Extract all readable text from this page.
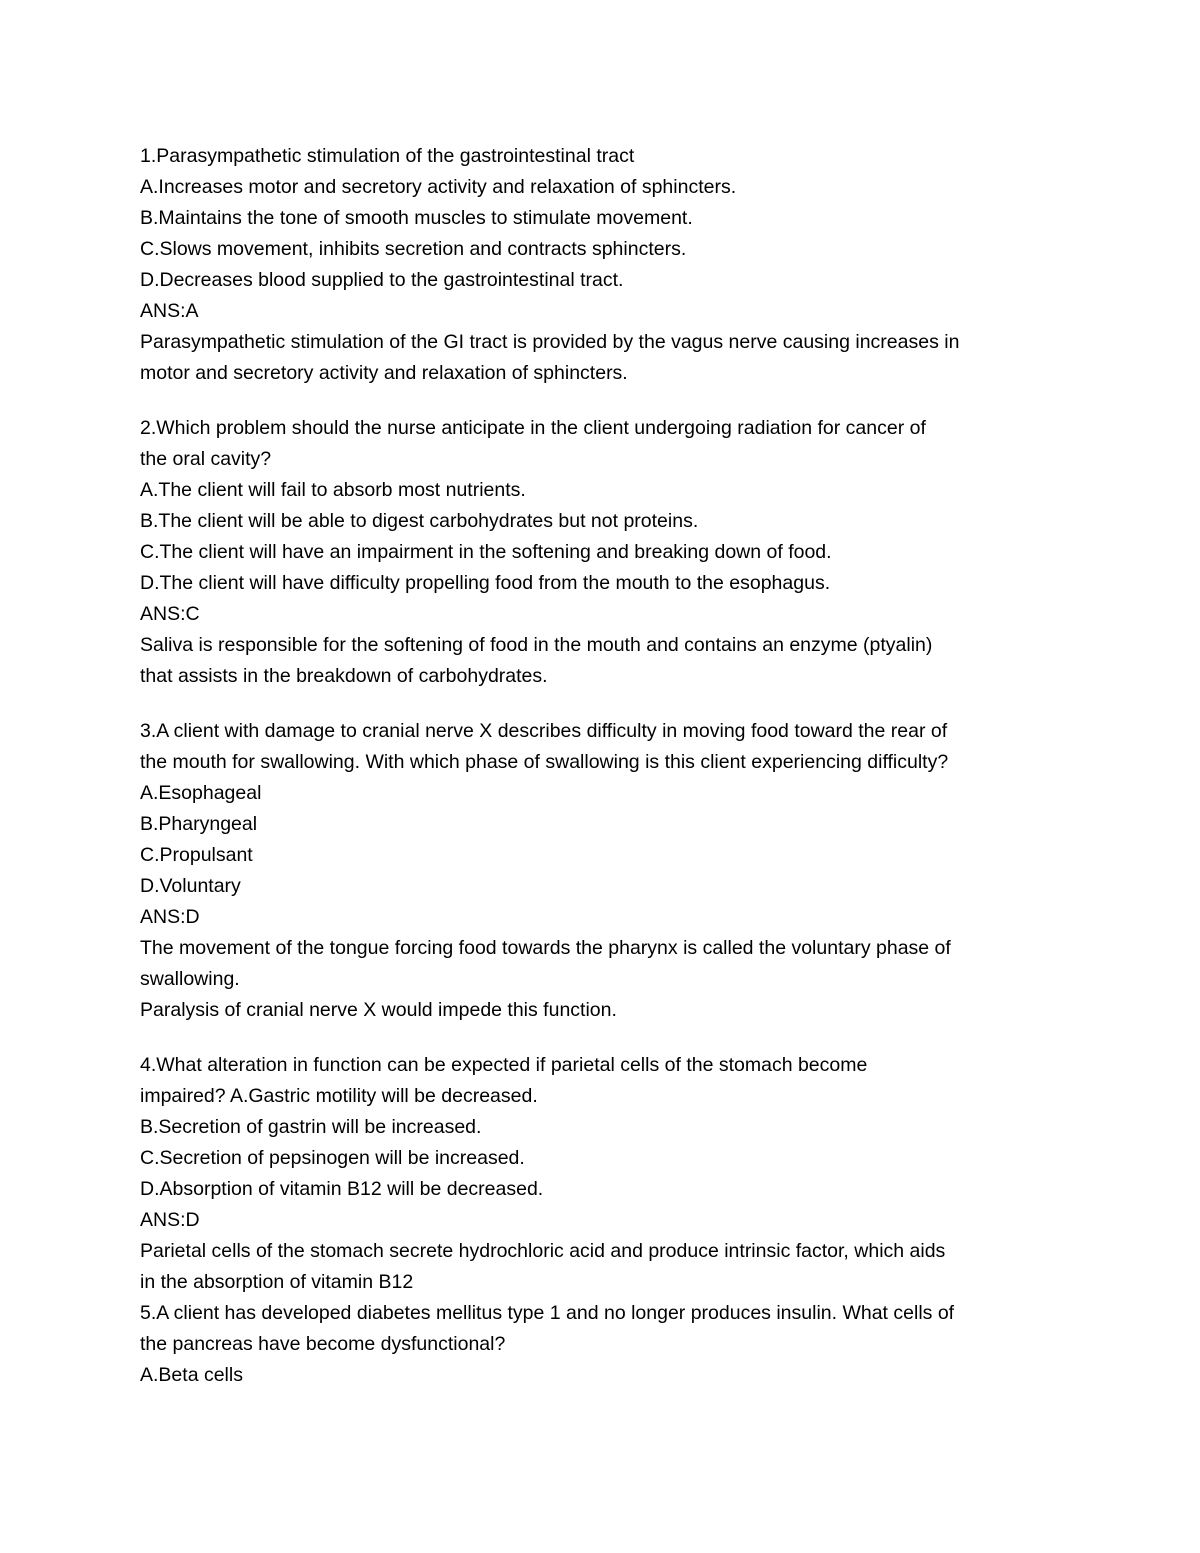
1.Parasympathetic stimulation of the gastrointestinal tract
A.Increases motor and secretory activity and relaxation of sphincters.
B.Maintains the tone of smooth muscles to stimulate movement.
C.Slows movement, inhibits secretion and contracts sphincters.
D.Decreases blood supplied to the gastrointestinal tract.
ANS:A
Parasympathetic stimulation of the GI tract is provided by the vagus nerve causing increases in
motor and secretory activity and relaxation of sphincters.
2.Which problem should the nurse anticipate in the client undergoing radiation for cancer of
the oral cavity?
A.The client will fail to absorb most nutrients.
B.The client will be able to digest carbohydrates but not proteins.
C.The client will have an impairment in the softening and breaking down of food.
D.The client will have difficulty propelling food from the mouth to the esophagus.
ANS:C
Saliva is responsible for the softening of food in the mouth and contains an enzyme (ptyalin)
that assists in the breakdown of carbohydrates.
3.A client with damage to cranial nerve X describes difficulty in moving food toward the rear of
the mouth for swallowing. With which phase of swallowing is this client experiencing difficulty?
A.Esophageal
B.Pharyngeal
C.Propulsant
D.Voluntary
ANS:D
The movement of the tongue forcing food towards the pharynx is called the voluntary phase of
swallowing.
Paralysis of cranial nerve X would impede this function.
4.What alteration in function can be expected if parietal cells of the stomach become
impaired? A.Gastric motility will be decreased.
B.Secretion of gastrin will be increased.
C.Secretion of pepsinogen will be increased.
D.Absorption of vitamin B12 will be decreased.
ANS:D
Parietal cells of the stomach secrete hydrochloric acid and produce intrinsic factor, which aids
in the absorption of vitamin B12
5.A client has developed diabetes mellitus type 1 and no longer produces insulin. What cells of
the pancreas have become dysfunctional?
A.Beta cells
